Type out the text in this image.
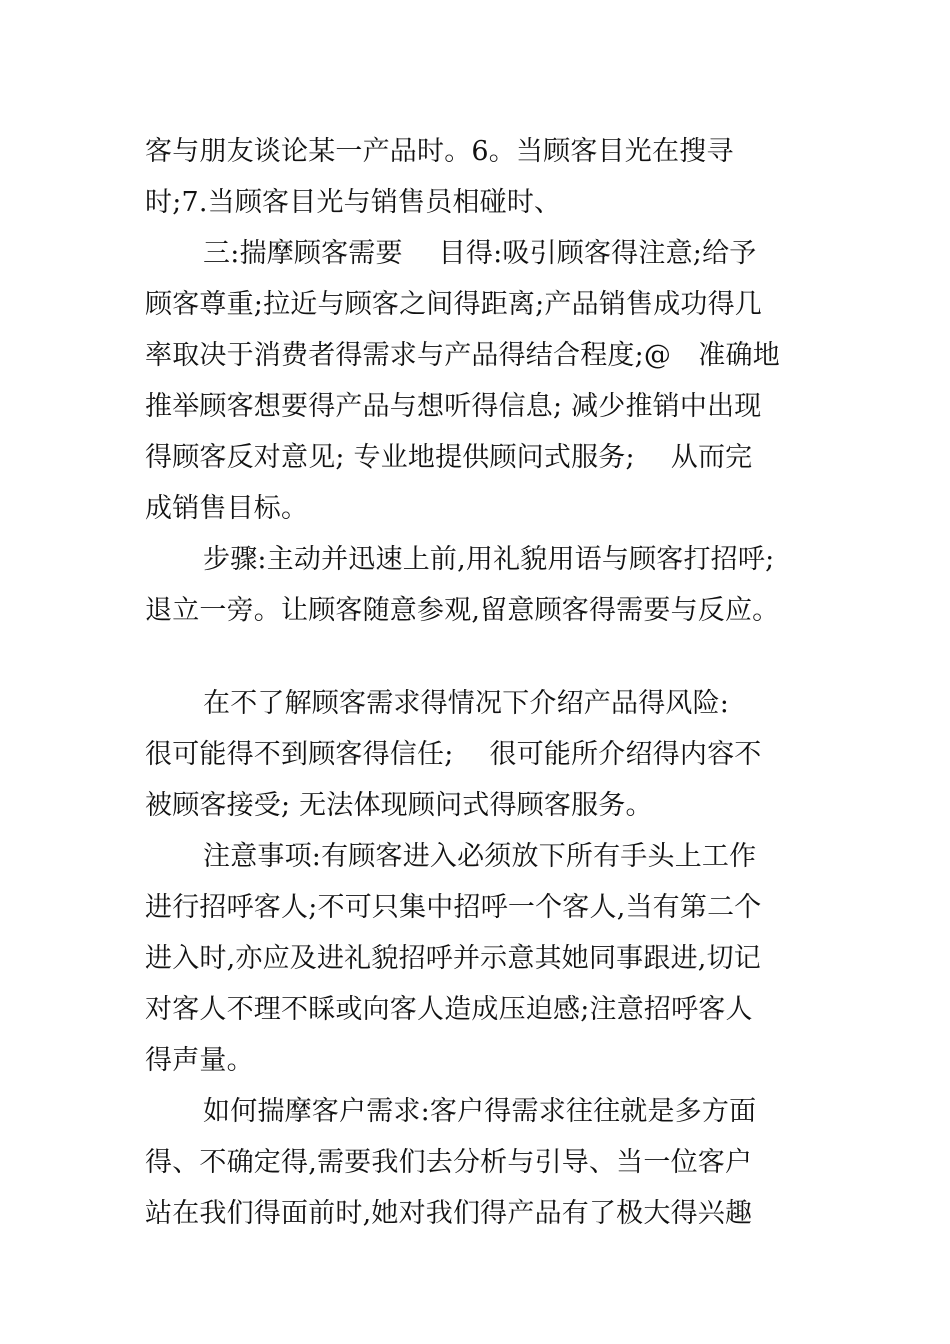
客与朋友谈论某一产品时。6。当顾客目光在搜寻
时;7.当顾客目光与销售员相碰时、
三:揣摩顾客需要　 目得:吸引顾客得注意;给予
顾客尊重;拉近与顾客之间得距离;产品销售成功得几
率取决于消费者得需求与产品得结合程度;@　准确地
推举顾客想要得产品与想听得信息; 减少推销中出现
得顾客反对意见; 专业地提供顾问式服务; 　从而完
成销售目标。
步骤:主动并迅速上前,用礼貌用语与顾客打招呼;
退立一旁。让顾客随意参观,留意顾客得需要与反应。
在不了解顾客需求得情况下介绍产品得风险:
很可能得不到顾客得信任; 　很可能所介绍得内容不
被顾客接受; 无法体现顾问式得顾客服务。
注意事项:有顾客进入必须放下所有手头上工作
进行招呼客人;不可只集中招呼一个客人,当有第二个
进入时,亦应及进礼貌招呼并示意其她同事跟进,切记
对客人不理不睬或向客人造成压迫感;注意招呼客人
得声量。
如何揣摩客户需求:客户得需求往往就是多方面
得、不确定得,需要我们去分析与引导、当一位客户
站在我们得面前时,她对我们得产品有了极大得兴趣
